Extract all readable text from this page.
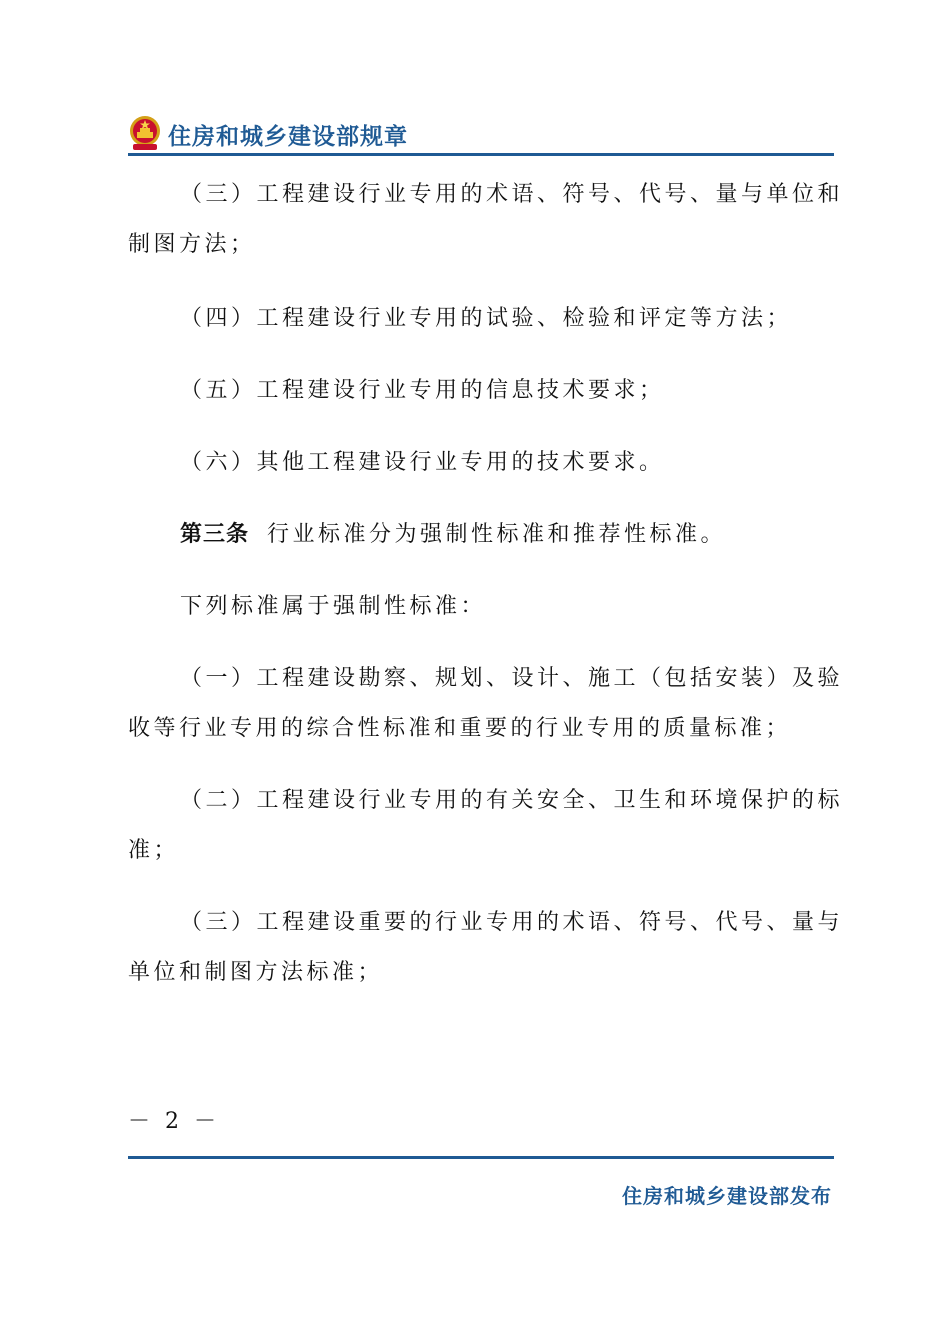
住房和城乡建设部规章
（三）工程建设行业专用的术语、符号、代号、量与单位和
制图方法；
（四）工程建设行业专用的试验、检验和评定等方法；
（五）工程建设行业专用的信息技术要求；
（六）其他工程建设行业专用的技术要求。
第三条 行业标准分为强制性标准和推荐性标准。
下列标准属于强制性标准：
（一）工程建设勘察、规划、设计、施工（包括安装）及验
收等行业专用的综合性标准和重要的行业专用的质量标准；
（二）工程建设行业专用的有关安全、卫生和环境保护的标
准；
（三）工程建设重要的行业专用的术语、符号、代号、量与
单位和制图方法标准；
－ 2 －
住房和城乡建设部发布
